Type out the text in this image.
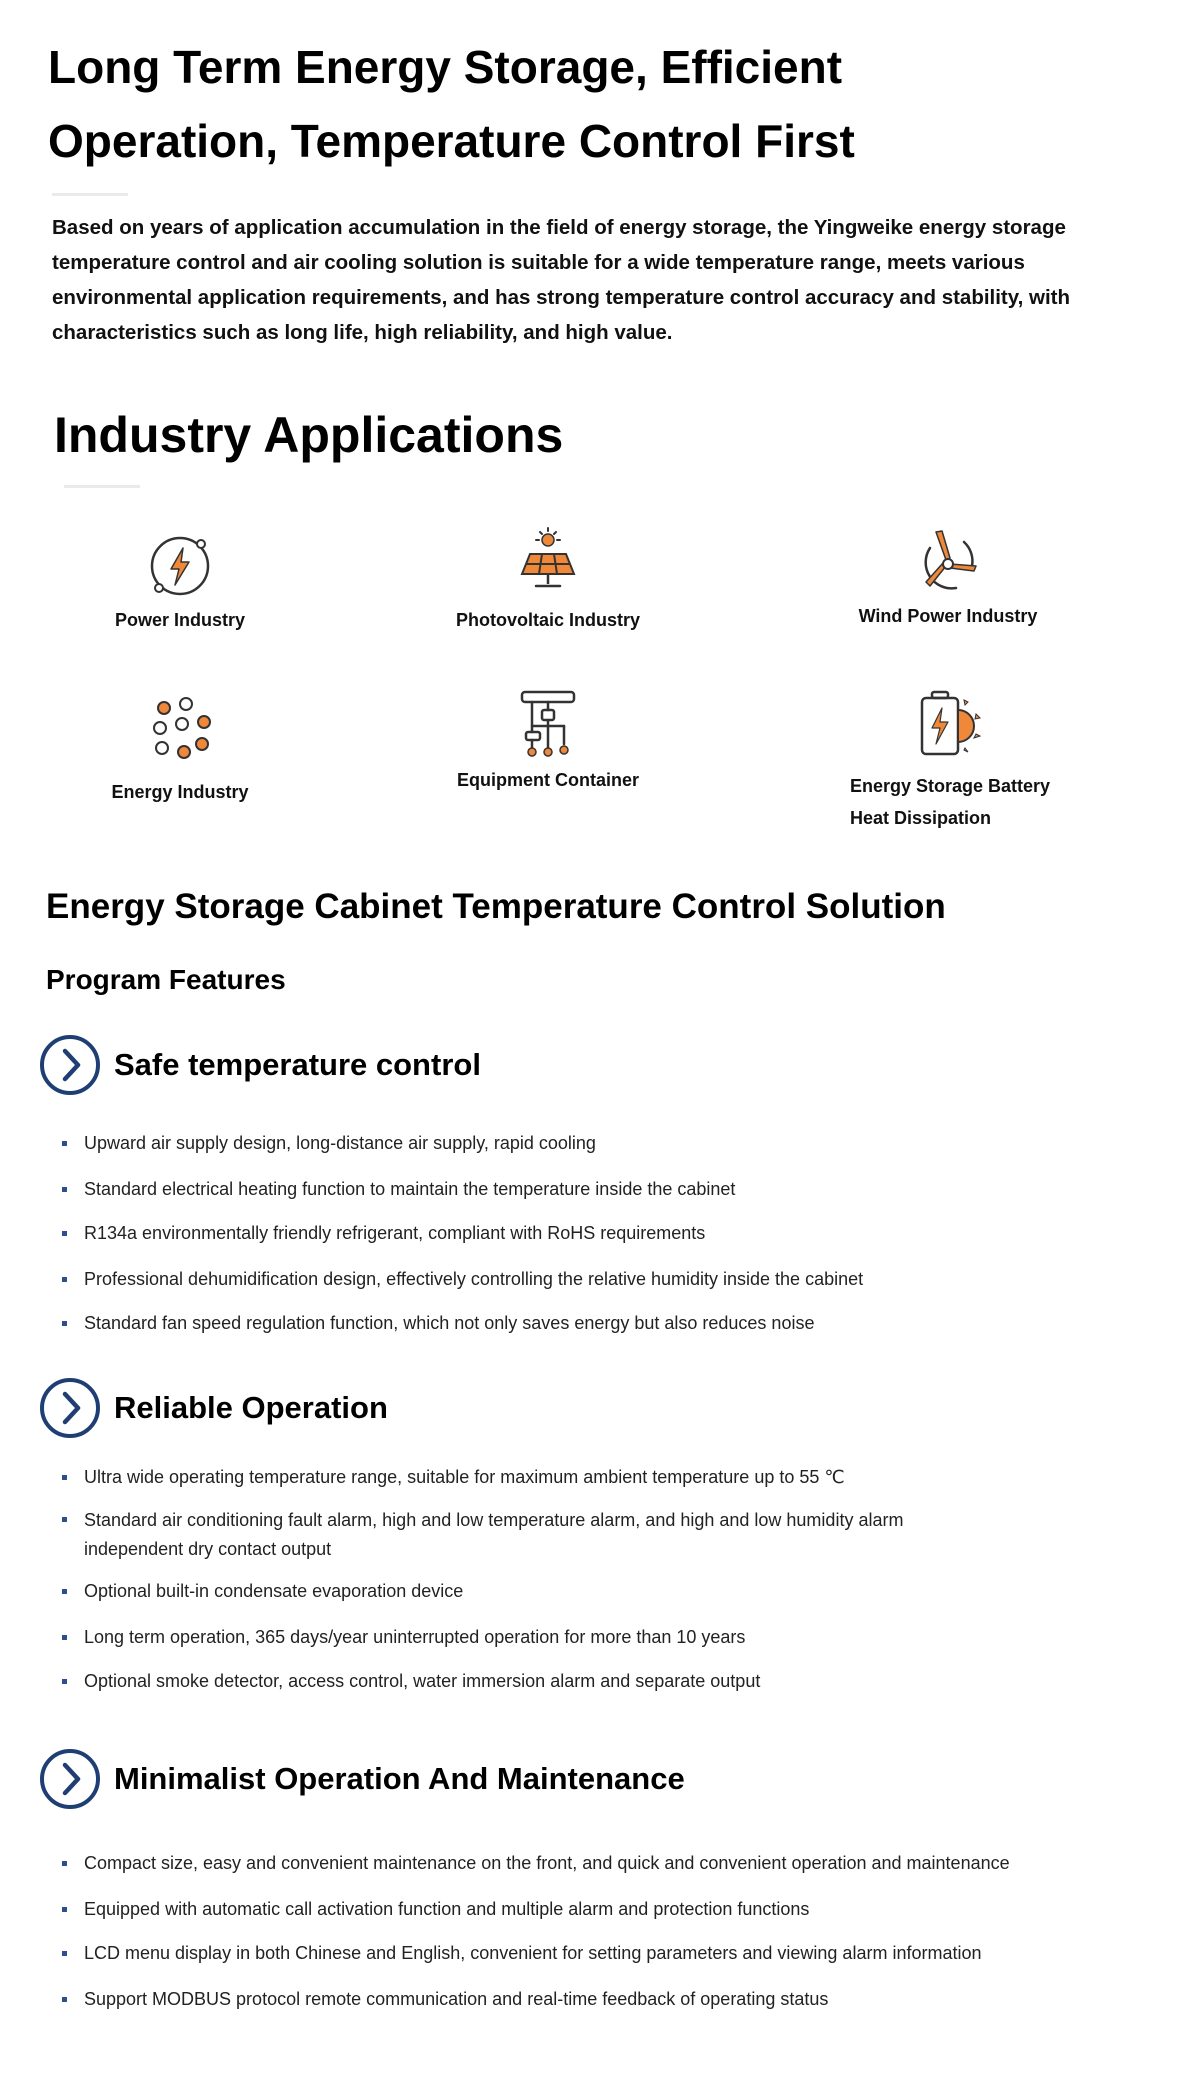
Long Term Energy Storage, Efficient Operation, Temperature Control First

Based on years of application accumulation in the field of energy storage, the Yingweike energy storage temperature control and air cooling solution is suitable for a wide temperature range, meets various environmental application requirements, and has strong temperature control accuracy and stability, with characteristics such as long life, high reliability, and high value.

Industry Applications
Power Industry	Photovoltaic Industry	Wind Power Industry
Energy Industry
Equipment Container	Energy Storage Battery Heat Dissipation
Energy Storage Cabinet Temperature Control Solution
Program Features
Safe temperature control
Upward air supply design, long-distance air supply, rapid cooling
Standard electrical heating function to maintain the temperature inside the cabinet
R134a environmentally friendly refrigerant, compliant with RoHS requirements
Professional dehumidification design, effectively controlling the relative humidity inside the cabinet
Standard fan speed regulation function, which not only saves energy but also reduces noise
Reliable Operation
Ultra wide operating temperature range, suitable for maximum ambient temperature up to 55 ℃
Standard air conditioning fault alarm, high and low temperature alarm, and high and low humidity alarm independent dry contact output
Optional built-in condensate evaporation device
Long term operation, 365 days/year uninterrupted operation for more than 10 years
Optional smoke detector, access control, water immersion alarm and separate output
Minimalist Operation And Maintenance
Compact size, easy and convenient maintenance on the front, and quick and convenient operation and maintenance
Equipped with automatic call activation function and multiple alarm and protection functions
LCD menu display in both Chinese and English, convenient for setting parameters and viewing alarm information
Support MODBUS protocol remote communication and real-time feedback of operating status
